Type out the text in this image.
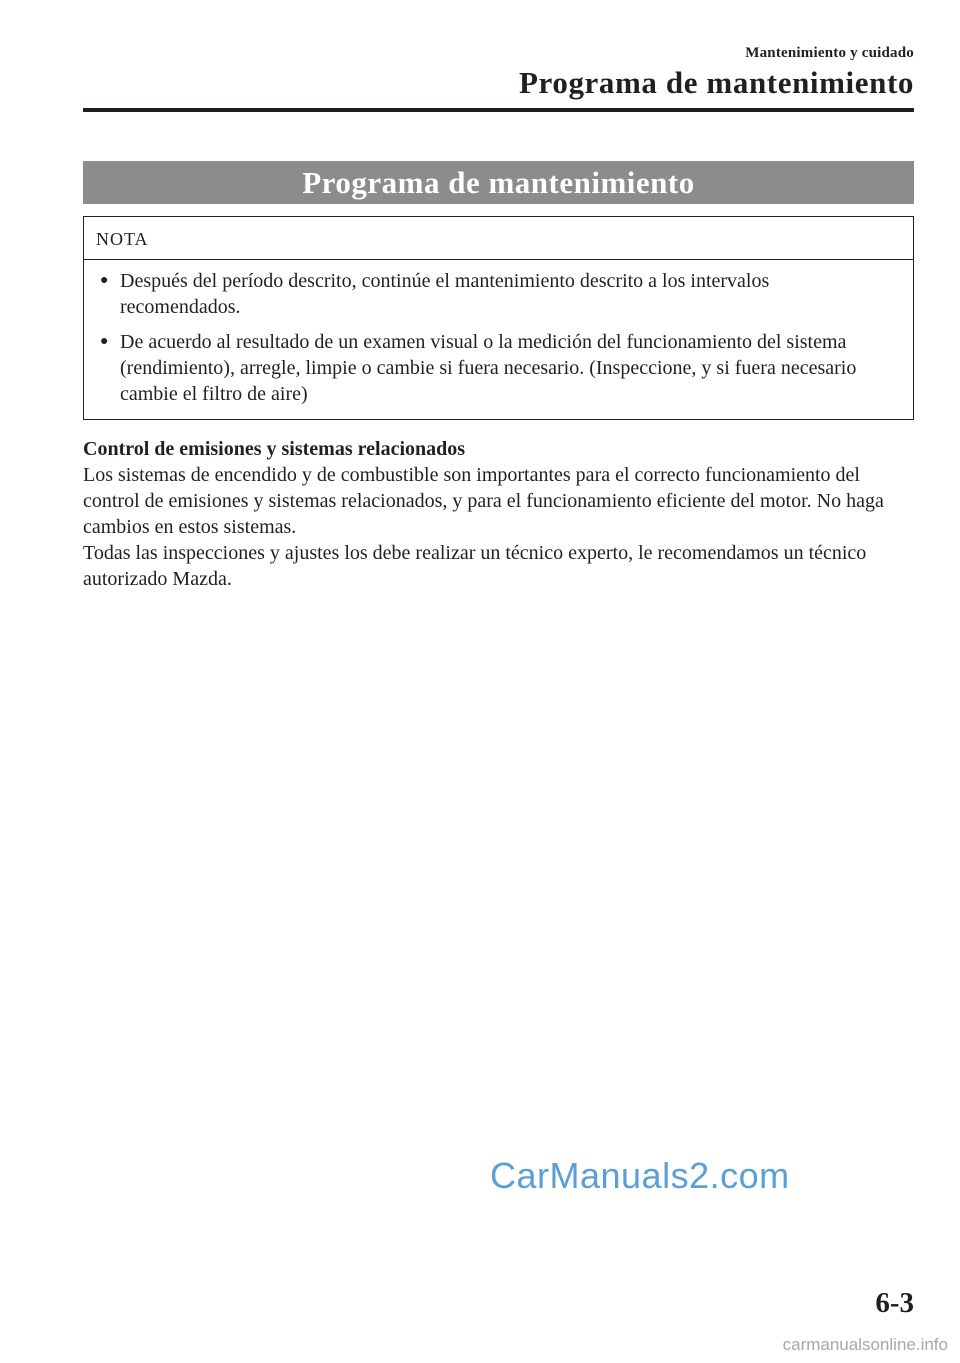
Mantenimiento y cuidado
Programa de mantenimiento
Programa de mantenimiento
NOTA
● Después del período descrito, continúe el mantenimiento descrito a los intervalos recomendados.
● De acuerdo al resultado de un examen visual o la medición del funcionamiento del sistema (rendimiento), arregle, limpie o cambie si fuera necesario. (Inspeccione, y si fuera necesario cambie el filtro de aire)

Control de emisiones y sistemas relacionados

Los sistemas de encendido y de combustible son importantes para el correcto funcionamiento del control de emisiones y sistemas relacionados, y para el funcionamiento eficiente del motor. No haga cambios en estos sistemas.

Todas las inspecciones y ajustes los debe realizar un técnico experto, le recomendamos un técnico autorizado Mazda.

CarManuals2.com
6-3
carmanualsonline.info
